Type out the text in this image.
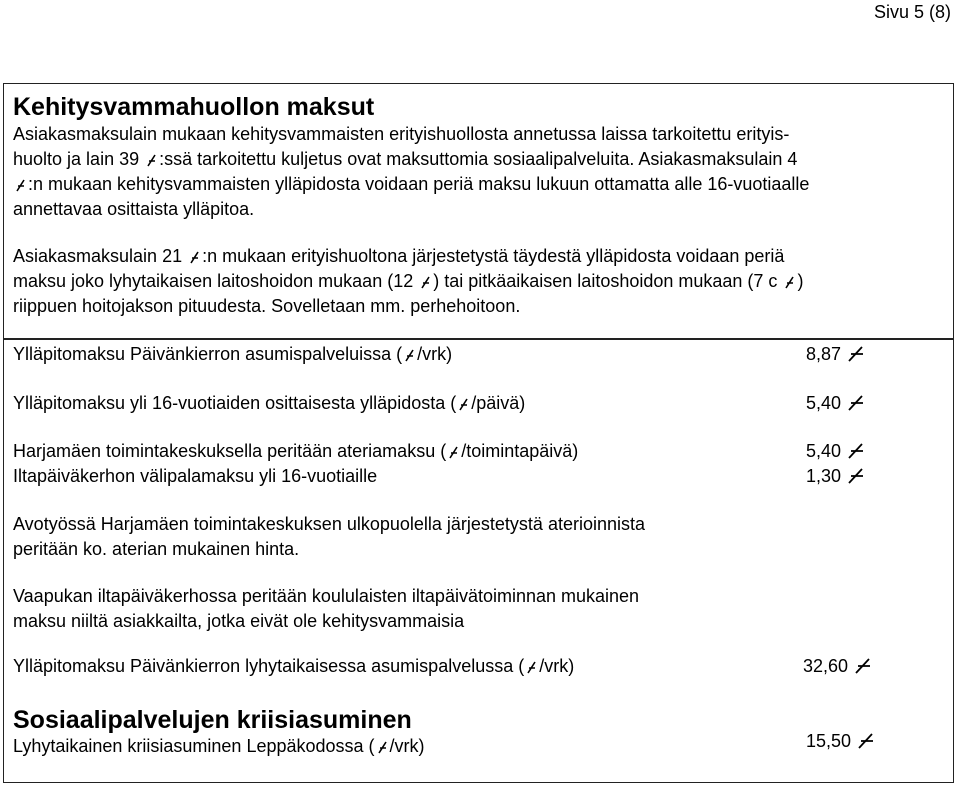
Sivu 5 (8)
Kehitysvammahuollon maksut
Asiakasmaksulain mukaan kehitysvammaisten erityishuollosta annetussa laissa tarkoitettu erityis-
huolto ja lain 39
:ssä tarkoitettu kuljetus ovat maksuttomia sosiaalipalveluita. Asiakasmaksulain 4
:n mukaan kehitysvammaisten ylläpidosta voidaan periä maksu lukuun ottamatta alle 16-vuotiaalle
annettavaa osittaista ylläpitoa.
Asiakasmaksulain 21
:n mukaan erityishuoltona järjestetystä täydestä ylläpidosta voidaan periä
maksu joko lyhytaikaisen laitoshoidon mukaan (12
) tai pitkäaikaisen laitoshoidon mukaan (7 c
)
riippuen hoitojakson pituudesta. Sovelletaan mm. perhehoitoon.
Ylläpitomaksu Päivänkierron asumispalveluissa ( /vrk)	8,87
Ylläpitomaksu yli 16-vuotiaiden osittaisesta ylläpidosta ( /päivä)	5,40
Harjamäen toimintakeskuksella peritään ateriamaksu ( /toimintapäivä)	5,40
Iltapäiväkerhon välipalamaksu yli 16-vuotiaille	1,30
Avotyössä Harjamäen toimintakeskuksen ulkopuolella järjestetystä aterioinnista
peritään ko. aterian mukainen hinta.
Vaapukan iltapäiväkerhossa peritään koululaisten iltapäivätoiminnan mukainen
maksu niiltä asiakkailta, jotka eivät ole kehitysvammaisia
Ylläpitomaksu Päivänkierron lyhytaikaisessa asumispalvelussa ( /vrk)	32,60
Sosiaalipalvelujen kriisiasuminen
Lyhytaikainen kriisiasuminen Leppäkodossa ( /vrk)	15,50
